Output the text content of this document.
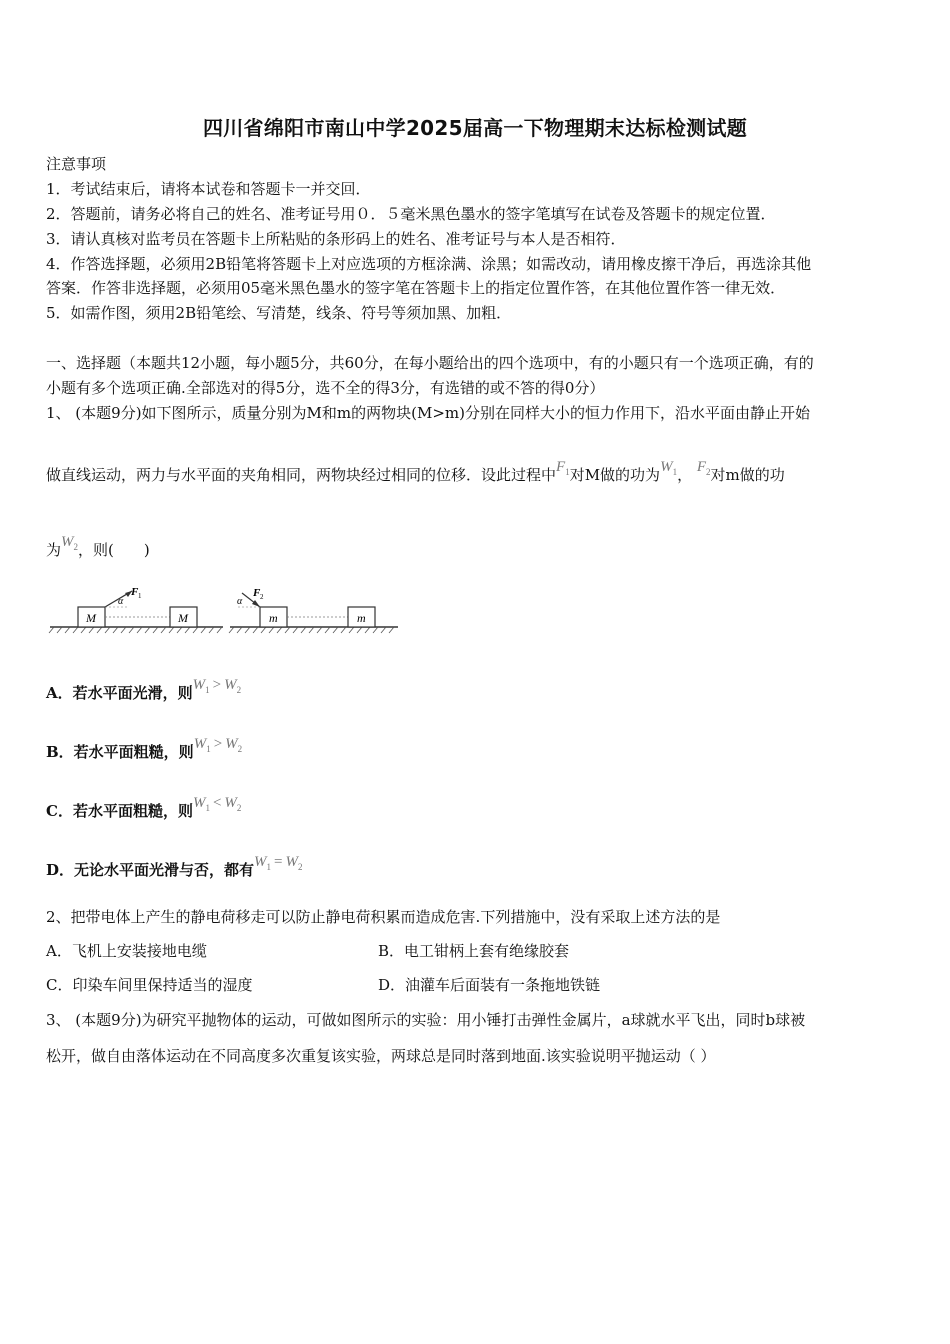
四川省绵阳市南山中学2025届高一下物理期末达标检测试题
注意事项
1．考试结束后，请将本试卷和答题卡一并交回．
2．答题前，请务必将自己的姓名、准考证号用０．５毫米黑色墨水的签字笔填写在试卷及答题卡的规定位置．
3．请认真核对监考员在答题卡上所粘贴的条形码上的姓名、准考证号与本人是否相符．
4．作答选择题，必须用2B铅笔将答题卡上对应选项的方框涂满、涂黑；如需改动，请用橡皮擦干净后，再选涂其他
答案．作答非选择题，必须用05毫米黑色墨水的签字笔在答题卡上的指定位置作答，在其他位置作答一律无效．
5．如需作图，须用2B铅笔绘、写清楚，线条、符号等须加黑、加粗．
一、选择题（本题共12小题，每小题5分，共60分，在每小题给出的四个选项中，有的小题只有一个选项正确，有的
小题有多个选项正确.全部选对的得5分，选不全的得3分，有选错的或不答的得0分）
1、 (本题9分)如下图所示，质量分别为M和m的两物块(M>m)分别在同样大小的恒力作用下，沿水平面由静止开始
做直线运动，两力与水平面的夹角相同，两物块经过相同的位移．设此过程中$F_1$对M做的功为$W_1$， $F_2$对m做的功
为$W_2$，则(　　)
M	M
α
F 1
m	m
α
F 2
A．若水平面光滑，则$W_1 > W_2$
B．若水平面粗糙，则$W_1 > W_2$
C．若水平面粗糙，则$W_1 < W_2$
D．无论水平面光滑与否，都有$W_1 = W_2$
2、把带电体上产生的静电荷移走可以防止静电荷积累而造成危害.下列措施中，没有采取上述方法的是
A．飞机上安装接地电缆	B．电工钳柄上套有绝缘胶套
C．印染车间里保持适当的湿度	D．油灌车后面装有一条拖地铁链
3、 (本题9分)为研究平抛物体的运动，可做如图所示的实验：用小锤打击弹性金属片，a球就水平飞出，同时b球被
松开，做自由落体运动在不同高度多次重复该实验，两球总是同时落到地面.该实验说明平抛运动（ ）
